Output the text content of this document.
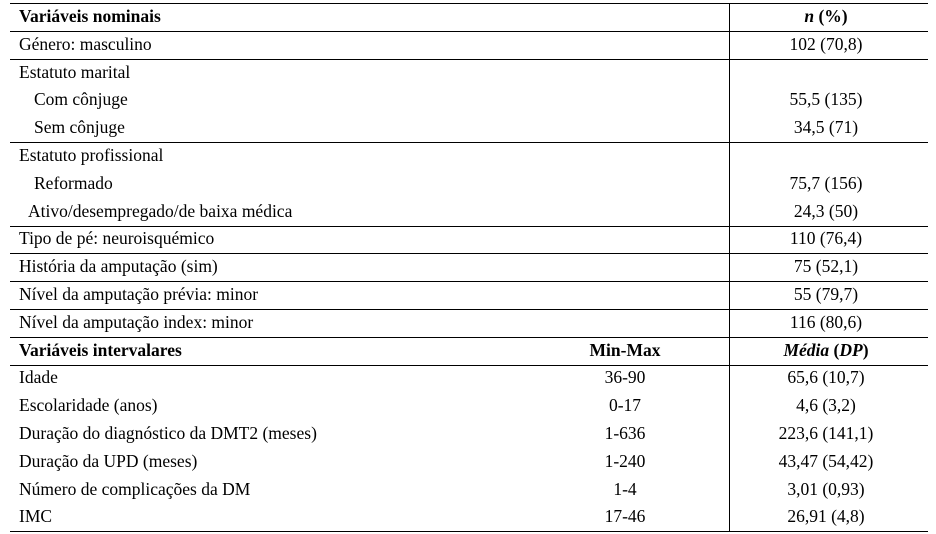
Variáveis nominais	n (%)
Género: masculino	102 (70,8)
Estatuto marital
Com cônjuge	55,5 (135)
Sem cônjuge	34,5 (71)
Estatuto profissional
Reformado	75,7 (156)
Ativo/desempregado/de baixa médica	24,3 (50)
Tipo de pé: neuroisquémico	110 (76,4)
História da amputação (sim)	75 (52,1)
Nível da amputação prévia: minor	55 (79,7)
Nível da amputação index: minor	116 (80,6)
Variáveis intervalares	Min-Max	Média (DP)
Idade	36-90	65,6 (10,7)
Escolaridade (anos)	0-17	4,6 (3,2)
Duração do diagnóstico da DMT2 (meses)	1-636	223,6 (141,1)
Duração da UPD (meses)	1-240	43,47 (54,42)
Número de complicações da DM	1-4	3,01 (0,93)
IMC	17-46	26,91 (4,8)
